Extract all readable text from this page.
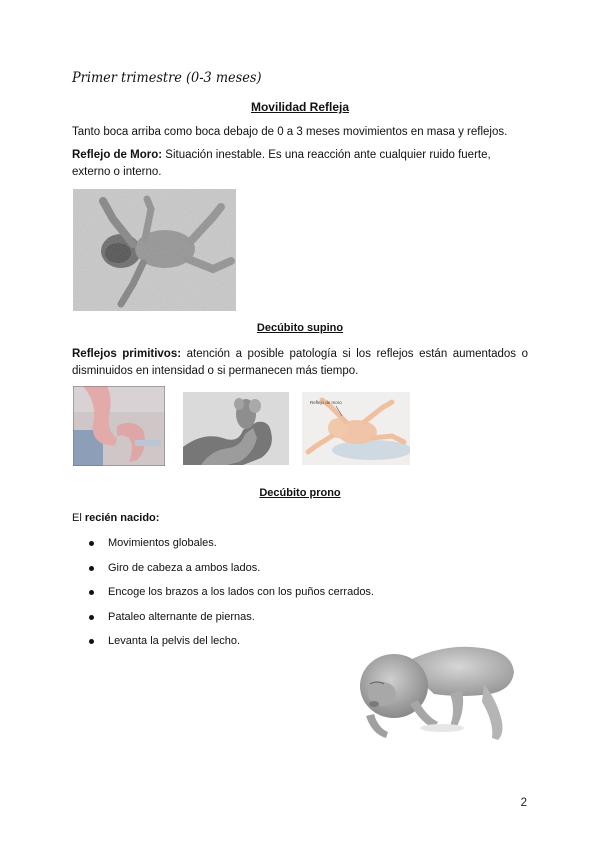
Primer trimestre (0-3 meses)
Movilidad Refleja
Tanto boca arriba como boca debajo de 0 a 3 meses movimientos en masa y reflejos.
Reflejo de Moro: Situación inestable. Es una reacción ante cualquier ruido fuerte, externo o interno.
Decúbito supino
Reflejos primitivos: atención a posible patología si los reflejos están aumentados o disminuidos en intensidad o si permanecen más tiempo.
Reflejo de moro
Decúbito prono
El recién nacido:
Movimientos globales.
Giro de cabeza a ambos lados.
Encoge los brazos a los lados con los puños cerrados.
Pataleo alternante de piernas.
Levanta la pelvis del lecho.
2
